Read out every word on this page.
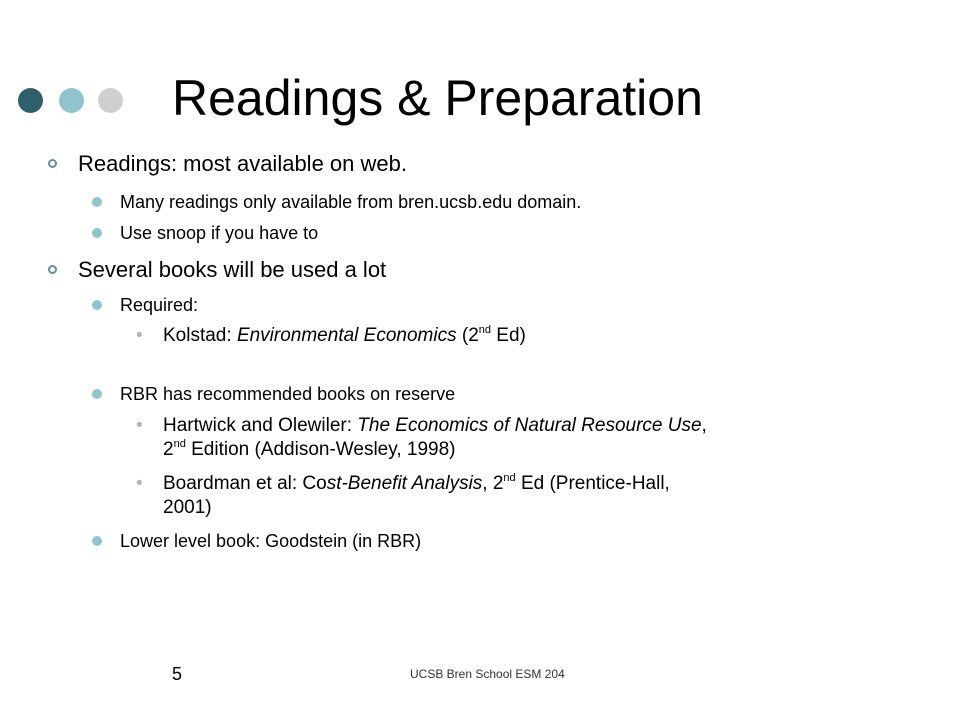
Readings & Preparation
Readings: most available on web.
Many readings only available from bren.ucsb.edu domain.
Use snoop if you have to
Several books will be used a lot
Required:
• Kolstad: Environmental Economics (2nd Ed)
RBR has recommended books on reserve
• Hartwick and Olewiler: The Economics of Natural Resource Use,
2nd Edition (Addison-Wesley, 1998)
• Boardman et al: Cost-Benefit Analysis, 2nd Ed (Prentice-Hall,
2001)
Lower level book: Goodstein (in RBR)
5	UCSB Bren School ESM 204
